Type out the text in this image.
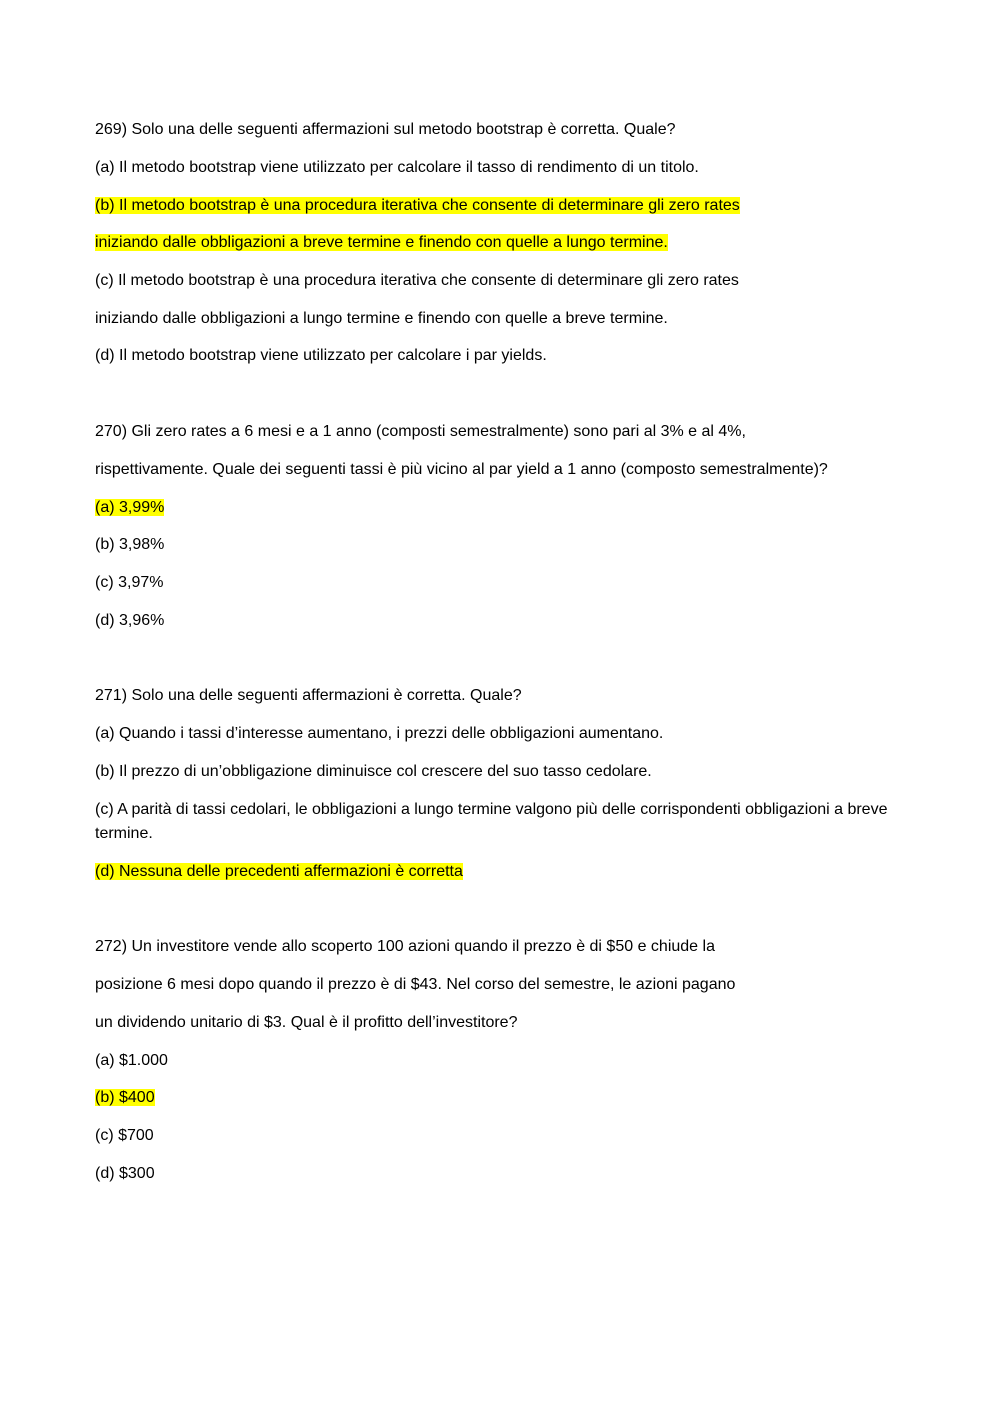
269) Solo una delle seguenti affermazioni sul metodo bootstrap è corretta. Quale?
(a) Il metodo bootstrap viene utilizzato per calcolare il tasso di rendimento di un titolo.
(b) Il metodo bootstrap è una procedura iterativa che consente di determinare gli zero rates
iniziando dalle obbligazioni a breve termine e finendo con quelle a lungo termine.
(c) Il metodo bootstrap è una procedura iterativa che consente di determinare gli zero rates
iniziando dalle obbligazioni a lungo termine e finendo con quelle a breve termine.
(d) Il metodo bootstrap viene utilizzato per calcolare i par yields.
270) Gli zero rates a 6 mesi e a 1 anno (composti semestralmente) sono pari al 3% e al 4%,
rispettivamente. Quale dei seguenti tassi è più vicino al par yield a 1 anno (composto semestralmente)?
(a) 3,99%
(b) 3,98%
(c) 3,97%
(d) 3,96%
271) Solo una delle seguenti affermazioni è corretta. Quale?
(a) Quando i tassi d’interesse aumentano, i prezzi delle obbligazioni aumentano.
(b) Il prezzo di un’obbligazione diminuisce col crescere del suo tasso cedolare.
(c) A parità di tassi cedolari, le obbligazioni a lungo termine valgono più delle corrispondenti obbligazioni a breve termine.
(d) Nessuna delle precedenti affermazioni è corretta
272) Un investitore vende allo scoperto 100 azioni quando il prezzo è di $50 e chiude la
posizione 6 mesi dopo quando il prezzo è di $43. Nel corso del semestre, le azioni pagano
un dividendo unitario di $3. Qual è il profitto dell’investitore?
(a) $1.000
(b) $400
(c) $700
(d) $300
